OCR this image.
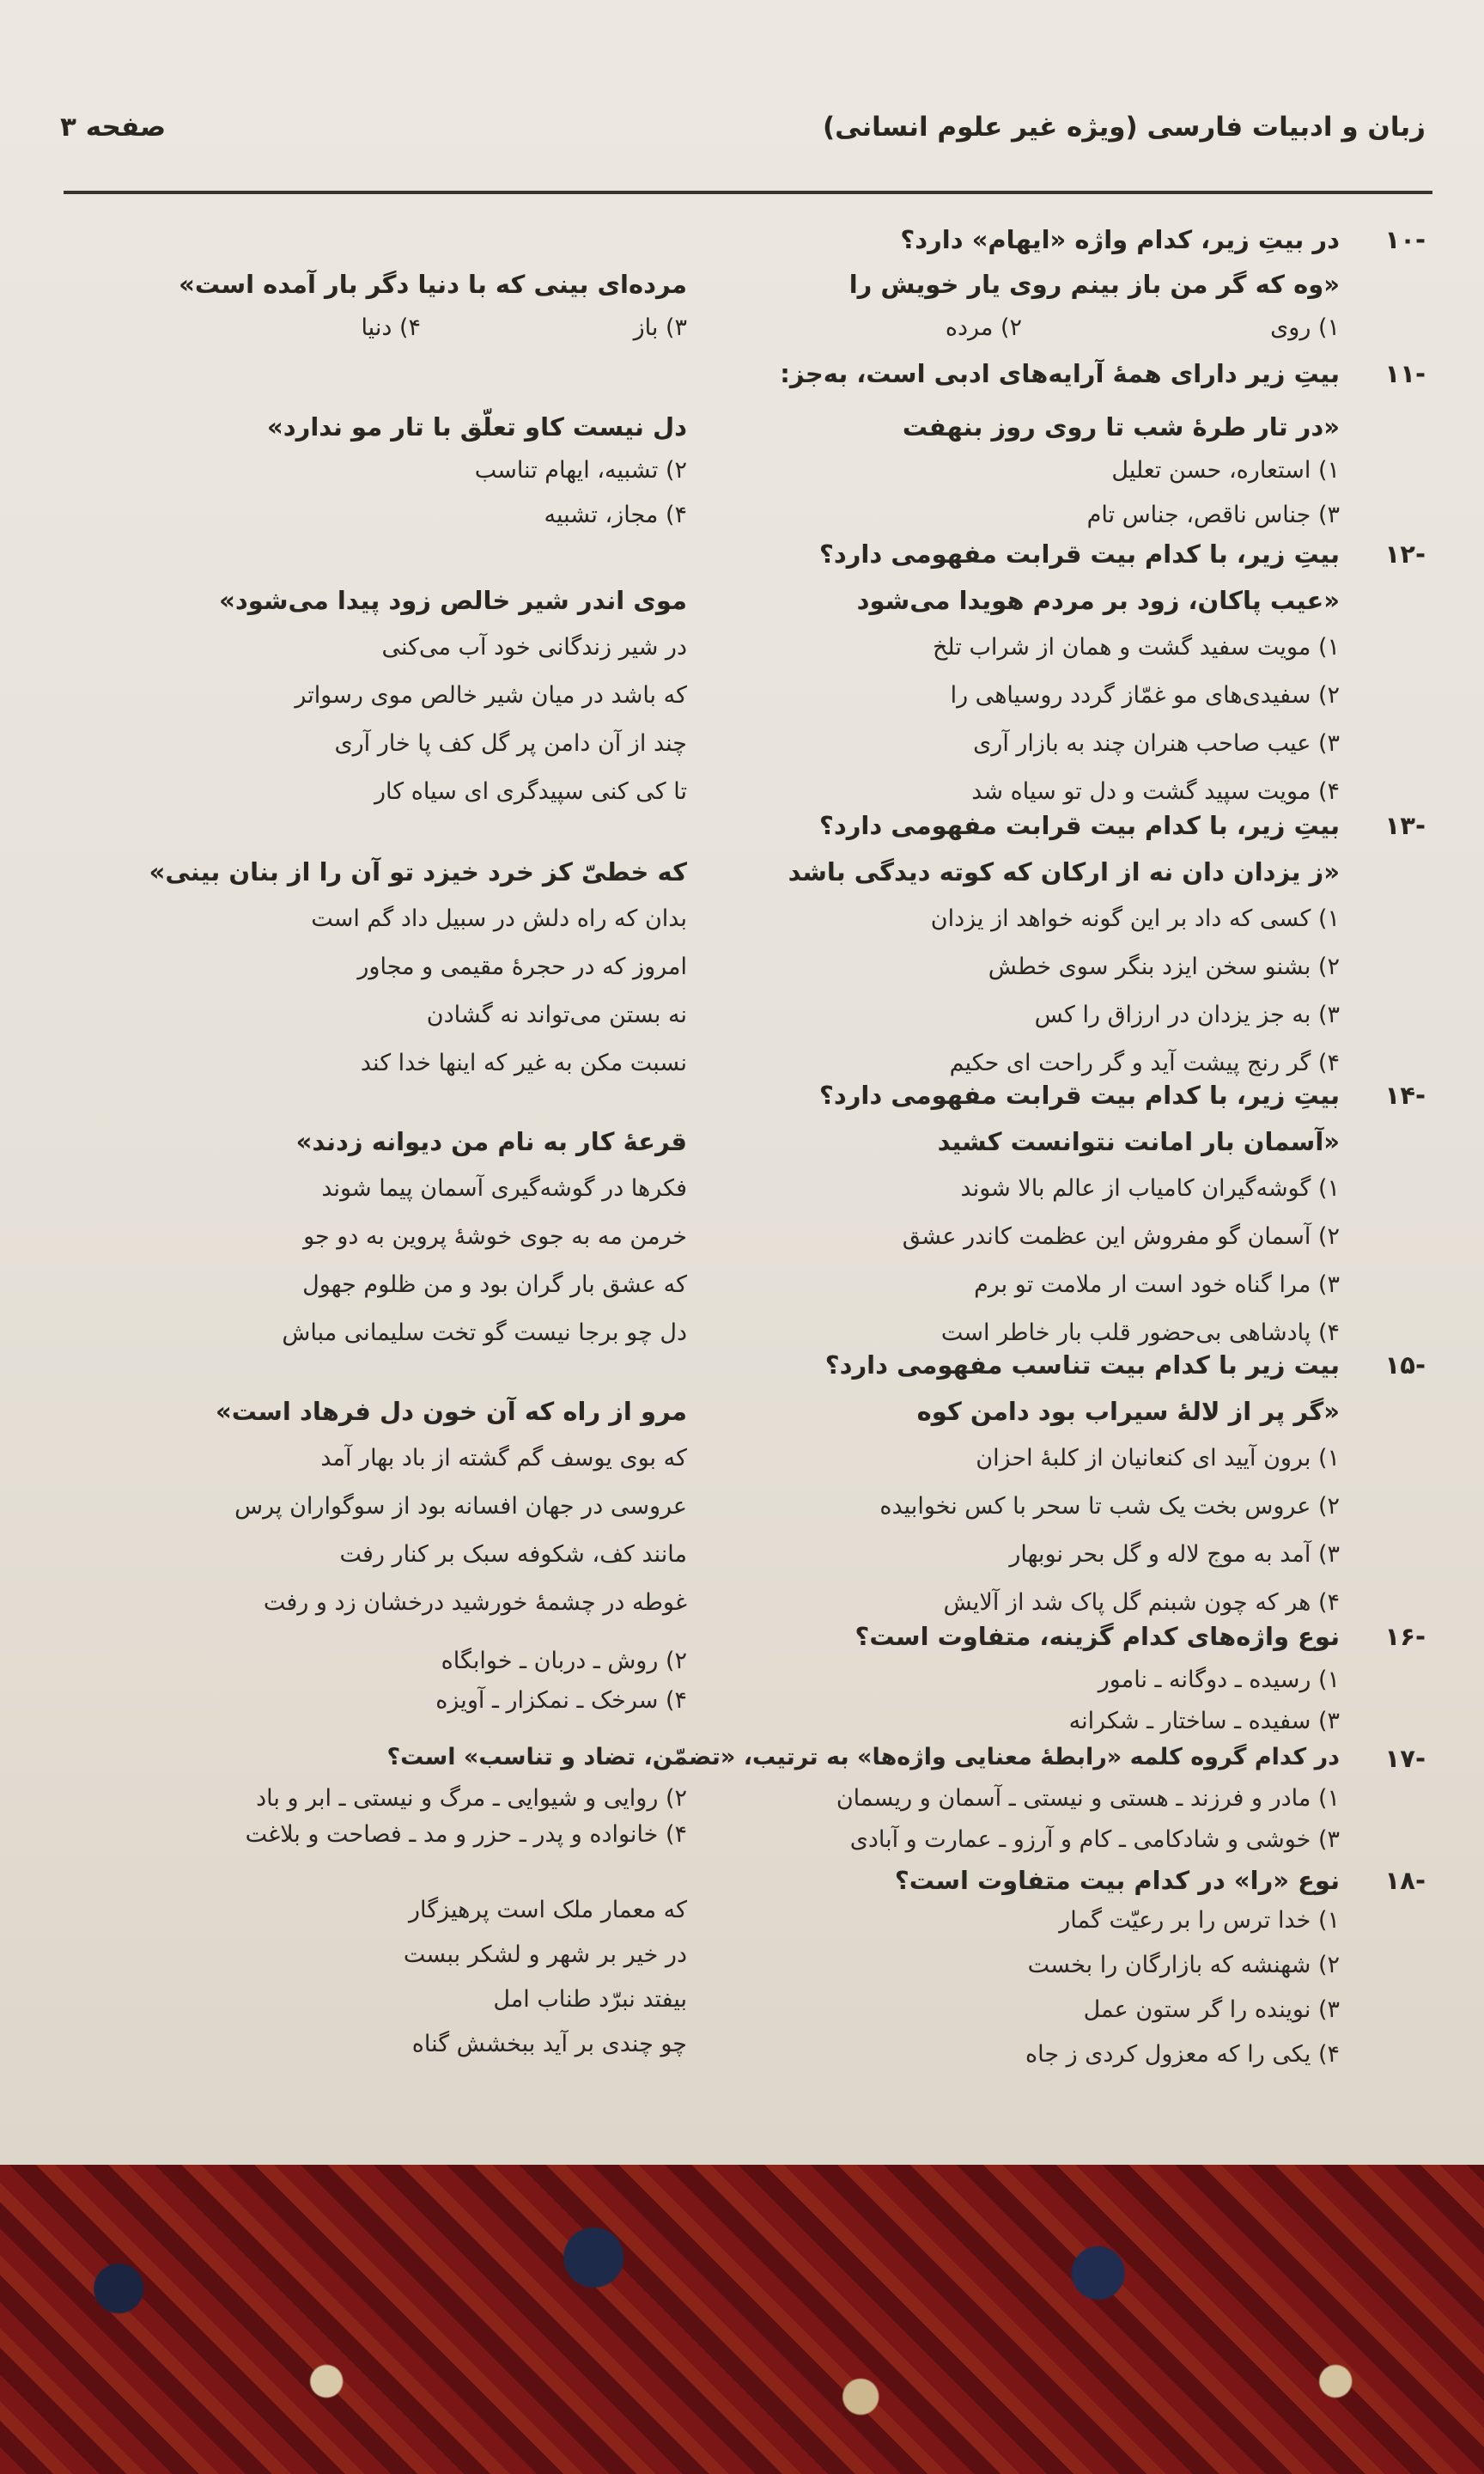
زبان و ادبیات فارسی (ویژه غیر علوم انسانی)
صفحه ۳
-۱۰
در بیتِ زیر، کدام واژه «ایهام» دارد؟
«وه که گر من باز بینم روی یار خویش را
مرده‌ای بینی که با دنیا دگر بار آمده است»
۱) روی
۲) مرده
۳) باز
۴) دنیا
-۱۱
بیتِ زیر دارای همهٔ آرایه‌های ادبی است، به‌جز:
«در تار طرهٔ شب تا روی روز بنهفت
دل نیست کاو تعلّق با تار مو ندارد»
۱) استعاره، حسن تعلیل
۲) تشبیه، ایهام تناسب
۳) جناس ناقص، جناس تام
۴) مجاز، تشبیه
-۱۲
بیتِ زیر، با کدام بیت قرابت مفهومی دارد؟
«عیب پاکان، زود بر مردم هویدا می‌شود
موی اندر شیر خالص زود پیدا می‌شود»
۱) مویت سفید گشت و همان از شراب تلخ
در شیر زندگانی خود آب می‌کنی
۲) سفیدی‌های مو غمّاز گردد روسیاهی را
که باشد در میان شیر خالص موی رسواتر
۳) عیب صاحب هنران چند به بازار آری
چند از آن دامن پر گل کف پا خار آری
۴) مویت سپید گشت و دل تو سیاه شد
تا کی کنی سپیدگری ای سیاه کار
-۱۳
بیتِ زیر، با کدام بیت قرابت مفهومی دارد؟
«ز یزدان دان نه از ارکان که کوته دیدگی باشد
که خطیّ کز خرد خیزد تو آن را از بنان بینی»
۱) کسی که داد بر این گونه خواهد از یزدان
بدان که راه دلش در سبیل داد گم است
۲) بشنو سخن ایزد بنگر سوی خطش
امروز که در حجرهٔ مقیمی و مجاور
۳) به جز یزدان در ارزاق را کس
نه بستن می‌تواند نه گشادن
۴) گر رنج پیشت آید و گر راحت ای حکیم
نسبت مکن به غیر که اینها خدا کند
-۱۴
بیتِ زیر، با کدام بیت قرابت مفهومی دارد؟
«آسمان بار امانت نتوانست کشید
قرعهٔ کار به نام من دیوانه زدند»
۱) گوشه‌گیران کامیاب از عالم بالا شوند
فکرها در گوشه‌گیری آسمان پیما شوند
۲) آسمان گو مفروش این عظمت کاندر عشق
خرمن مه به جوی خوشهٔ پروین به دو جو
۳) مرا گناه خود است ار ملامت تو برم
که عشق بار گران بود و من ظلوم جهول
۴) پادشاهی بی‌حضور قلب بار خاطر است
دل چو برجا نیست گو تخت سلیمانی مباش
-۱۵
بیت زیر با کدام بیت تناسب مفهومی دارد؟
«گر پر از لالهٔ سیراب بود دامن کوه
مرو از راه که آن خون دل فرهاد است»
۱) برون آیید ای کنعانیان از کلبهٔ احزان
که بوی یوسف گم گشته از باد بهار آمد
۲) عروس بخت یک شب تا سحر با کس نخوابیده
عروسی در جهان افسانه بود از سوگواران پرس
۳) آمد به موج لاله و گل بحر نوبهار
مانند کف، شکوفه سبک بر کنار رفت
۴) هر که چون شبنم گل پاک شد از آلایش
غوطه در چشمهٔ خورشید درخشان زد و رفت
-۱۶
نوع واژه‌های کدام گزینه، متفاوت است؟
۱) رسیده ـ دوگانه ـ نامور
۲) روش ـ دربان ـ خوابگاه
۳) سفیده ـ ساختار ـ شکرانه
۴) سرخک ـ نمکزار ـ آویزه
-۱۷
در کدام گروه کلمه «رابطهٔ معنایی واژه‌ها» به ترتیب، «تضمّن، تضاد و تناسب» است؟
۱) مادر و فرزند ـ هستی و نیستی ـ آسمان و ریسمان
۲) روایی و شیوایی ـ مرگ و نیستی ـ ابر و باد
۳) خوشی و شادکامی ـ کام و آرزو ـ عمارت و آبادی
۴) خانواده و پدر ـ حزر و مد ـ فصاحت و بلاغت
-۱۸
نوع «را» در کدام بیت متفاوت است؟
۱) خدا ترس را بر رعیّت گمار
که معمار ملک است پرهیزگار
۲) شهنشه که بازارگان را بخست
در خیر بر شهر و لشکر ببست
۳) نوینده را گر ستون عمل
بیفتد نبرّد طناب امل
۴) یکی را که معزول کردی ز جاه
چو چندی بر آید ببخشش گناه
